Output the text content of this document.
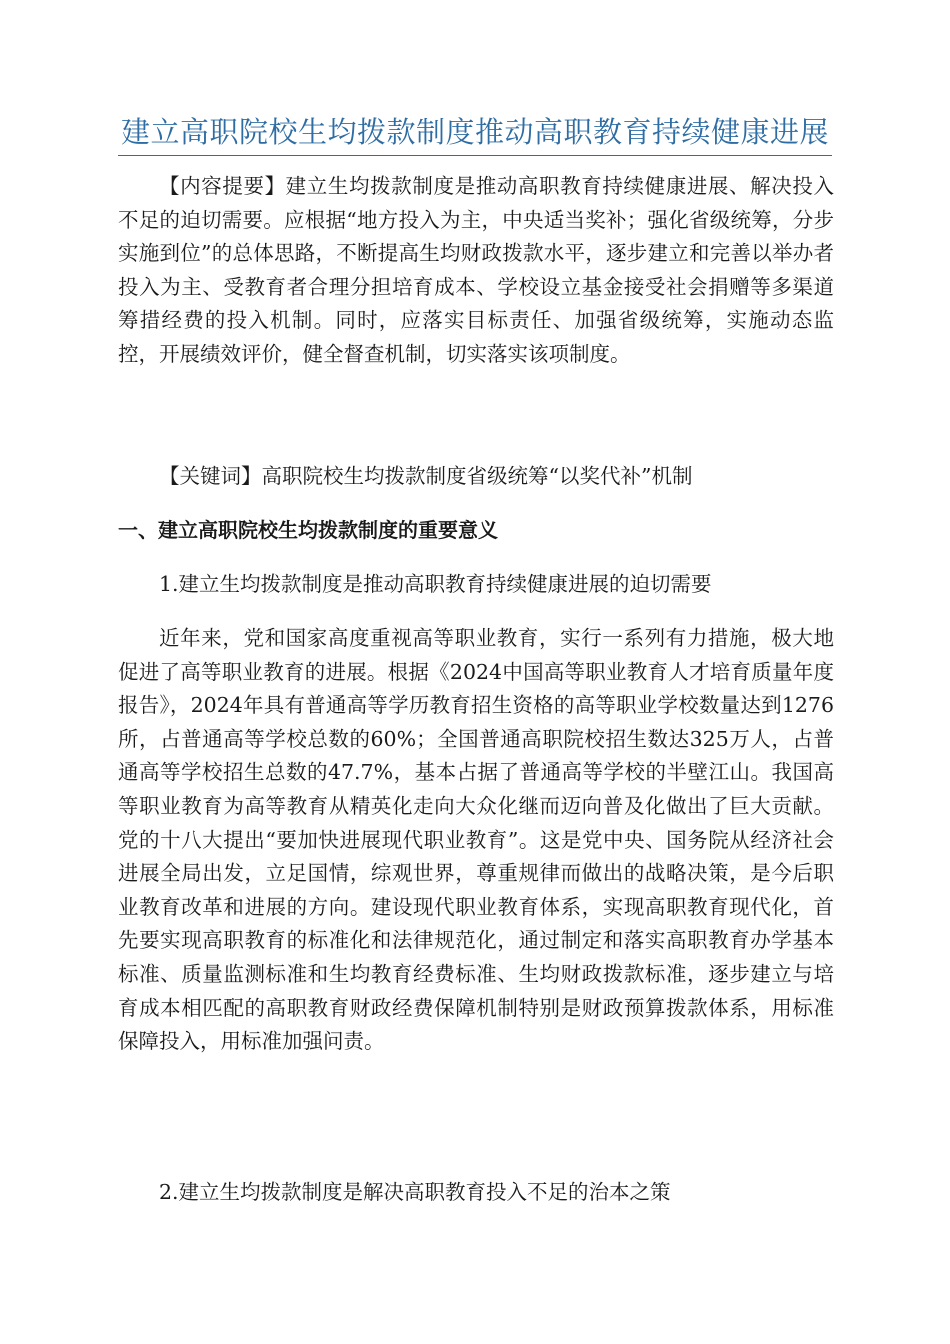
建立高职院校生均拨款制度推动高职教育持续健康进展

【内容提要】建立生均拨款制度是推动高职教育持续健康进展、解决投入不足的迫切需要。应根据“地方投入为主，中央适当奖补；强化省级统筹，分步实施到位”的总体思路，不断提高生均财政拨款水平，逐步建立和完善以举办者投入为主、受教育者合理分担培育成本、学校设立基金接受社会捐赠等多渠道筹措经费的投入机制。同时，应落实目标责任、加强省级统筹，实施动态监控，开展绩效评价，健全督查机制，切实落实该项制度。

【关键词】高职院校生均拨款制度省级统筹“以奖代补”机制

一、建立高职院校生均拨款制度的重要意义

1.建立生均拨款制度是推动高职教育持续健康进展的迫切需要

近年来，党和国家高度重视高等职业教育，实行一系列有力措施，极大地促进了高等职业教育的进展。根据《2024中国高等职业教育人才培育质量年度报告》，2024年具有普通高等学历教育招生资格的高等职业学校数量达到1276所，占普通高等学校总数的60%；全国普通高职院校招生数达325万人，占普通高等学校招生总数的47.7%，基本占据了普通高等学校的半壁江山。我国高等职业教育为高等教育从精英化走向大众化继而迈向普及化做出了巨大贡献。党的十八大提出“要加快进展现代职业教育”。这是党中央、国务院从经济社会进展全局出发，立足国情，综观世界，尊重规律而做出的战略决策，是今后职业教育改革和进展的方向。建设现代职业教育体系，实现高职教育现代化，首先要实现高职教育的标准化和法律规范化，通过制定和落实高职教育办学基本标准、质量监测标准和生均教育经费标准、生均财政拨款标准，逐步建立与培育成本相匹配的高职教育财政经费保障机制特别是财政预算拨款体系，用标准保障投入，用标准加强问责。

2.建立生均拨款制度是解决高职教育投入不足的治本之策
